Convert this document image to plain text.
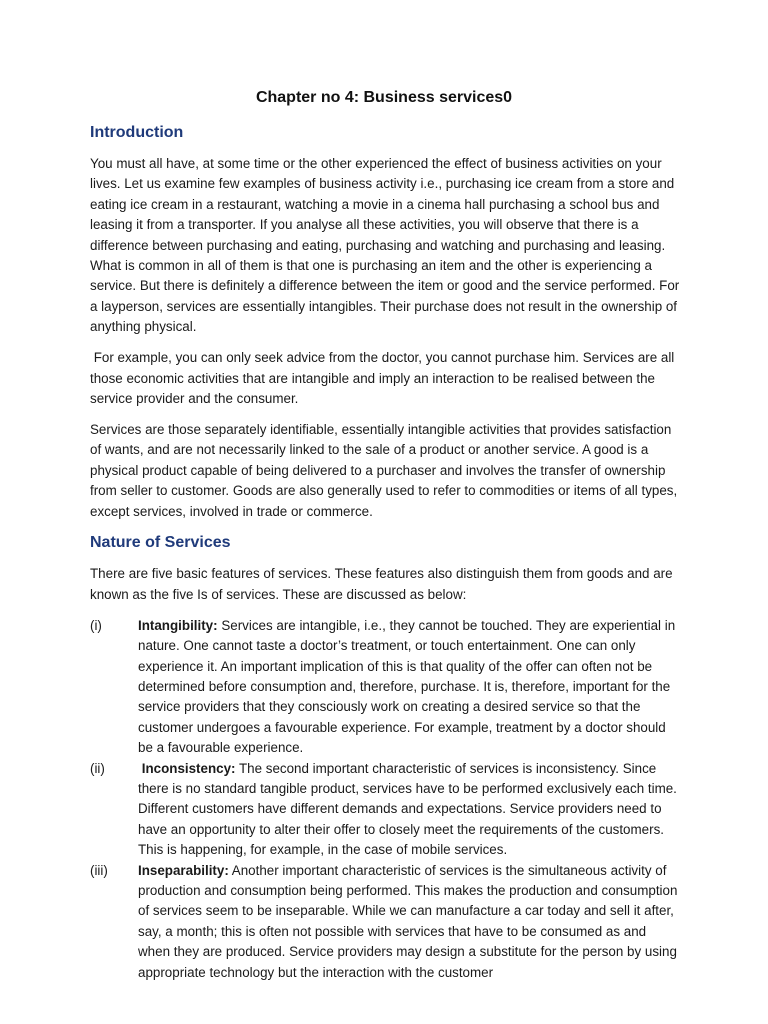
Chapter no 4: Business services0
Introduction

You must all have, at some time or the other experienced the effect of business activities on your lives. Let us examine few examples of business activity i.e., purchasing ice cream from a store and eating ice cream in a restaurant, watching a movie in a cinema hall purchasing a school bus and leasing it from a transporter. If you analyse all these activities, you will observe that there is a difference between purchasing and eating, purchasing and watching and purchasing and leasing. What is common in all of them is that one is purchasing an item and the other is experiencing a service. But there is definitely a difference between the item or good and the service performed. For a layperson, services are essentially intangibles. Their purchase does not result in the ownership of anything physical.

For example, you can only seek advice from the doctor, you cannot purchase him. Services are all those economic activities that are intangible and imply an interaction to be realised between the service provider and the consumer.

Services are those separately identifiable, essentially intangible activities that provides satisfaction of wants, and are not necessarily linked to the sale of a product or another service. A good is a physical product capable of being delivered to a purchaser and involves the transfer of ownership from seller to customer. Goods are also generally used to refer to commodities or items of all types, except services, involved in trade or commerce.

Nature of Services

There are five basic features of services. These features also distinguish them from goods and are known as the five Is of services. These are discussed as below:

(i)	Intangibility: Services are intangible, i.e., they cannot be touched. They are experiential in nature. One cannot taste a doctor’s treatment, or touch entertainment. One can only experience it. An important implication of this is that quality of the offer can often not be determined before consumption and, therefore, purchase. It is, therefore, important for the service providers that they consciously work on creating a desired service so that the customer undergoes a favourable experience. For example, treatment by a doctor should be a favourable experience.
(ii) Inconsistency: The second important characteristic of services is inconsistency. Since there is no standard tangible product, services have to be performed exclusively each time. Different customers have different demands and expectations. Service providers need to have an opportunity to alter their offer to closely meet the requirements of the customers. This is happening, for example, in the case of mobile services.
(iii) Inseparability: Another important characteristic of services is the simultaneous activity of production and consumption being performed. This makes the production and consumption of services seem to be inseparable. While we can manufacture a car today and sell it after, say, a month; this is often not possible with services that have to be consumed as and when they are produced. Service providers may design a substitute for the person by using appropriate technology but the interaction with the customer
